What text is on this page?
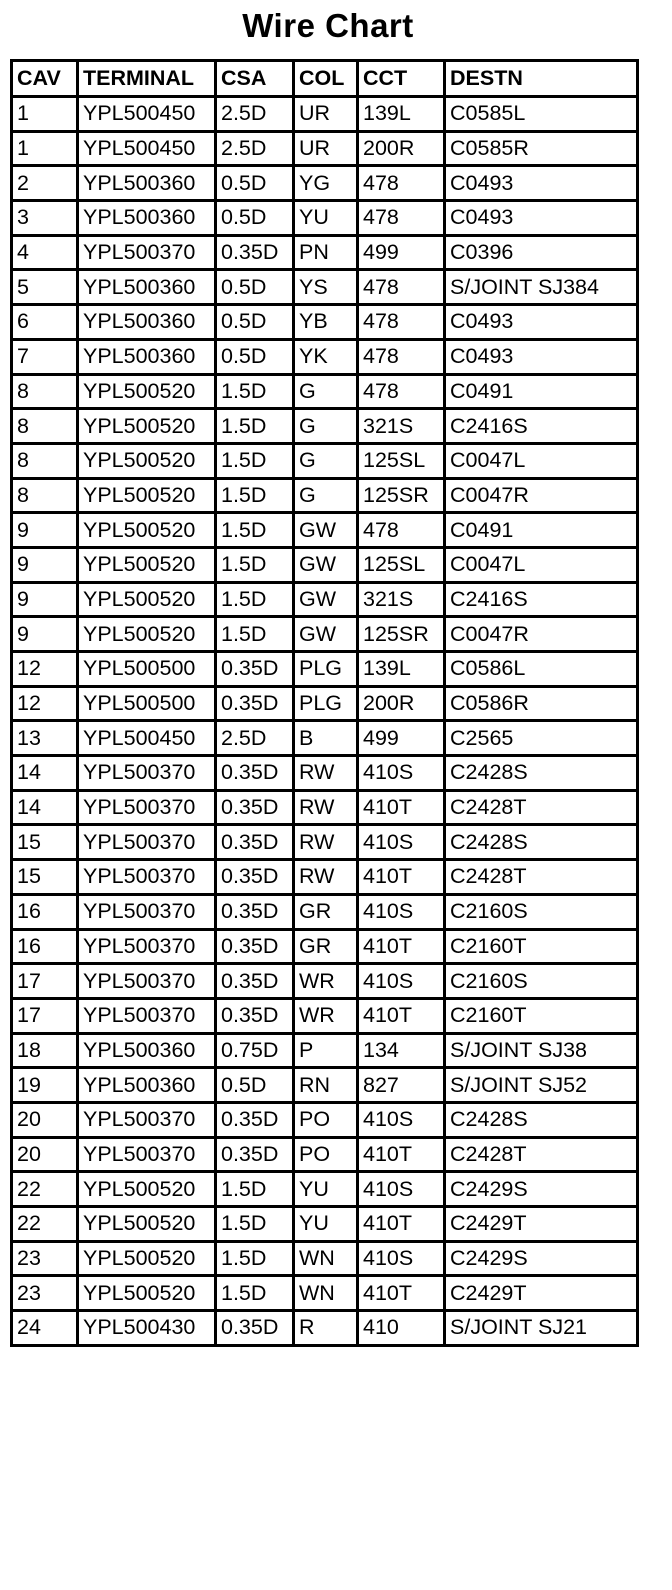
Wire Chart
CAV	TERMINAL	CSA	COL	CCT	DESTN
1	YPL500450	2.5D	UR	139L	C0585L
1	YPL500450	2.5D	UR	200R	C0585R
2	YPL500360	0.5D	YG	478	C0493
3	YPL500360	0.5D	YU	478	C0493
4	YPL500370	0.35D	PN	499	C0396
5	YPL500360	0.5D	YS	478	S/JOINT SJ384
6	YPL500360	0.5D	YB	478	C0493
7	YPL500360	0.5D	YK	478	C0493
8	YPL500520	1.5D	G	478	C0491
8	YPL500520	1.5D	G	321S	C2416S
8	YPL500520	1.5D	G	125SL	C0047L
8	YPL500520	1.5D	G	125SR	C0047R
9	YPL500520	1.5D	GW	478	C0491
9	YPL500520	1.5D	GW	125SL	C0047L
9	YPL500520	1.5D	GW	321S	C2416S
9	YPL500520	1.5D	GW	125SR	C0047R
12	YPL500500	0.35D	PLG	139L	C0586L
12	YPL500500	0.35D	PLG	200R	C0586R
13	YPL500450	2.5D	B	499	C2565
14	YPL500370	0.35D	RW	410S	C2428S
14	YPL500370	0.35D	RW	410T	C2428T
15	YPL500370	0.35D	RW	410S	C2428S
15	YPL500370	0.35D	RW	410T	C2428T
16	YPL500370	0.35D	GR	410S	C2160S
16	YPL500370	0.35D	GR	410T	C2160T
17	YPL500370	0.35D	WR	410S	C2160S
17	YPL500370	0.35D	WR	410T	C2160T
18	YPL500360	0.75D	P	134	S/JOINT SJ38
19	YPL500360	0.5D	RN	827	S/JOINT SJ52
20	YPL500370	0.35D	PO	410S	C2428S
20	YPL500370	0.35D	PO	410T	C2428T
22	YPL500520	1.5D	YU	410S	C2429S
22	YPL500520	1.5D	YU	410T	C2429T
23	YPL500520	1.5D	WN	410S	C2429S
23	YPL500520	1.5D	WN	410T	C2429T
24	YPL500430	0.35D	R	410	S/JOINT SJ21
